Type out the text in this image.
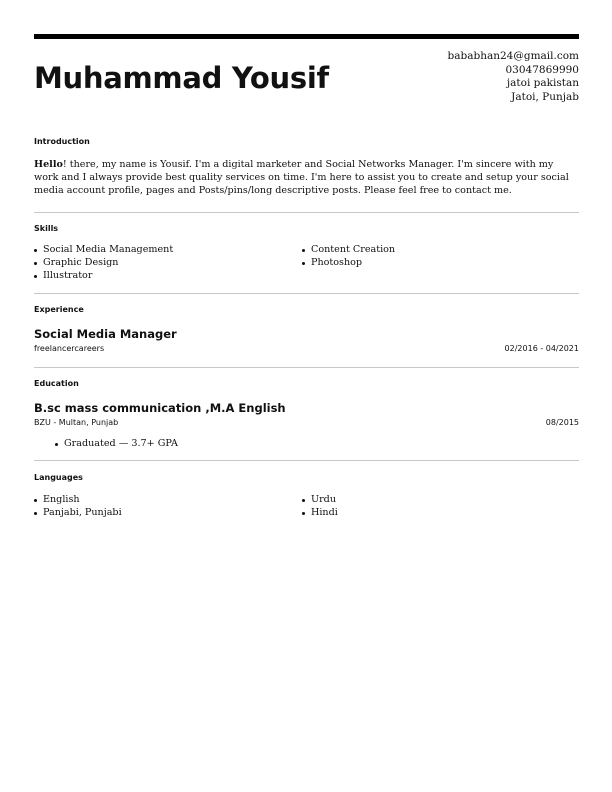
Muhammad Yousif
bababhan24@gmail.com
03047869990
jatoi pakistan
Jatoi, Punjab
Introduction

Hello! there, my name is Yousif. I'm a digital marketer and Social Networks Manager. I'm sincere with my work and I always provide best quality services on time. I'm here to assist you to create and setup your social media account profile, pages and Posts/pins/long descriptive posts. Please feel free to contact me.

Skills
Social Media Management
Graphic Design
Illustrator
Content Creation
Photoshop
Experience
Social Media Manager
freelancercareers	02/2016 - 04/2021
Education
B.sc mass communication ,M.A English
BZU - Multan, Punjab	08/2015
Graduated — 3.7+ GPA
Languages
English
Panjabi, Punjabi
Urdu
Hindi
